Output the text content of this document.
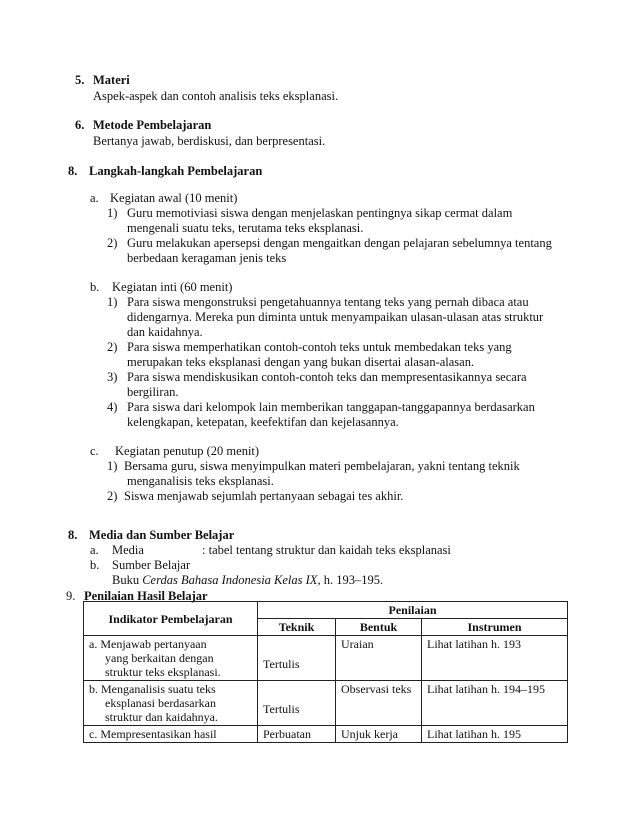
5. Materi
Aspek-aspek dan contoh analisis teks eksplanasi.
6. Metode Pembelajaran
Bertanya jawab, berdiskusi, dan berpresentasi.
8. Langkah-langkah Pembelajaran
a. Kegiatan awal (10 menit)
1) Guru memotiviasi siswa dengan menjelaskan pentingnya sikap cermat dalam
mengenali suatu teks, terutama teks eksplanasi.
2) Guru melakukan apersepsi dengan mengaitkan dengan pelajaran sebelumnya tentang
berbedaan keragaman jenis teks
b. Kegiatan inti (60 menit)
1) Para siswa mengonstruksi pengetahuannya tentang teks yang pernah dibaca atau
didengarnya. Mereka pun diminta untuk menyampaikan ulasan-ulasan atas struktur
dan kaidahnya.
2) Para siswa memperhatikan contoh-contoh teks untuk membedakan teks yang
merupakan teks eksplanasi dengan yang bukan disertai alasan-alasan.
3) Para siswa mendiskusikan contoh-contoh teks dan mempresentasikannya secara
bergiliran.
4) Para siswa dari kelompok lain memberikan tanggapan-tanggapannya berdasarkan
kelengkapan, ketepatan, keefektifan dan kejelasannya.
c. Kegiatan penutup (20 menit)
1) Bersama guru, siswa menyimpulkan materi pembelajaran, yakni tentang teknik
menganalisis teks eksplanasi.
2) Siswa menjawab sejumlah pertanyaan sebagai tes akhir.
8. Media dan Sumber Belajar
a. Media	: tabel tentang struktur dan kaidah teks eksplanasi
b. Sumber Belajar
Buku Cerdas Bahasa Indonesia Kelas IX, h. 193–195.
9. Penilaian Hasil Belajar
Indikator Pembelajaran	Penilaian		
	Teknik	Bentuk	Instrumen

a. Menjawab pertanyaan
yang berkaitan dengan
struktur teks eksplanasi.	Tertulis	Uraian	Lihat latihan h. 193

b. Menganalisis suatu teks
eksplanasi berdasarkan
struktur dan kaidahnya.	Tertulis	Observasi teks	Lihat latihan h. 194–195

c. Mempresentasikan hasil	Perbuatan	Unjuk kerja	Lihat latihan h. 195
